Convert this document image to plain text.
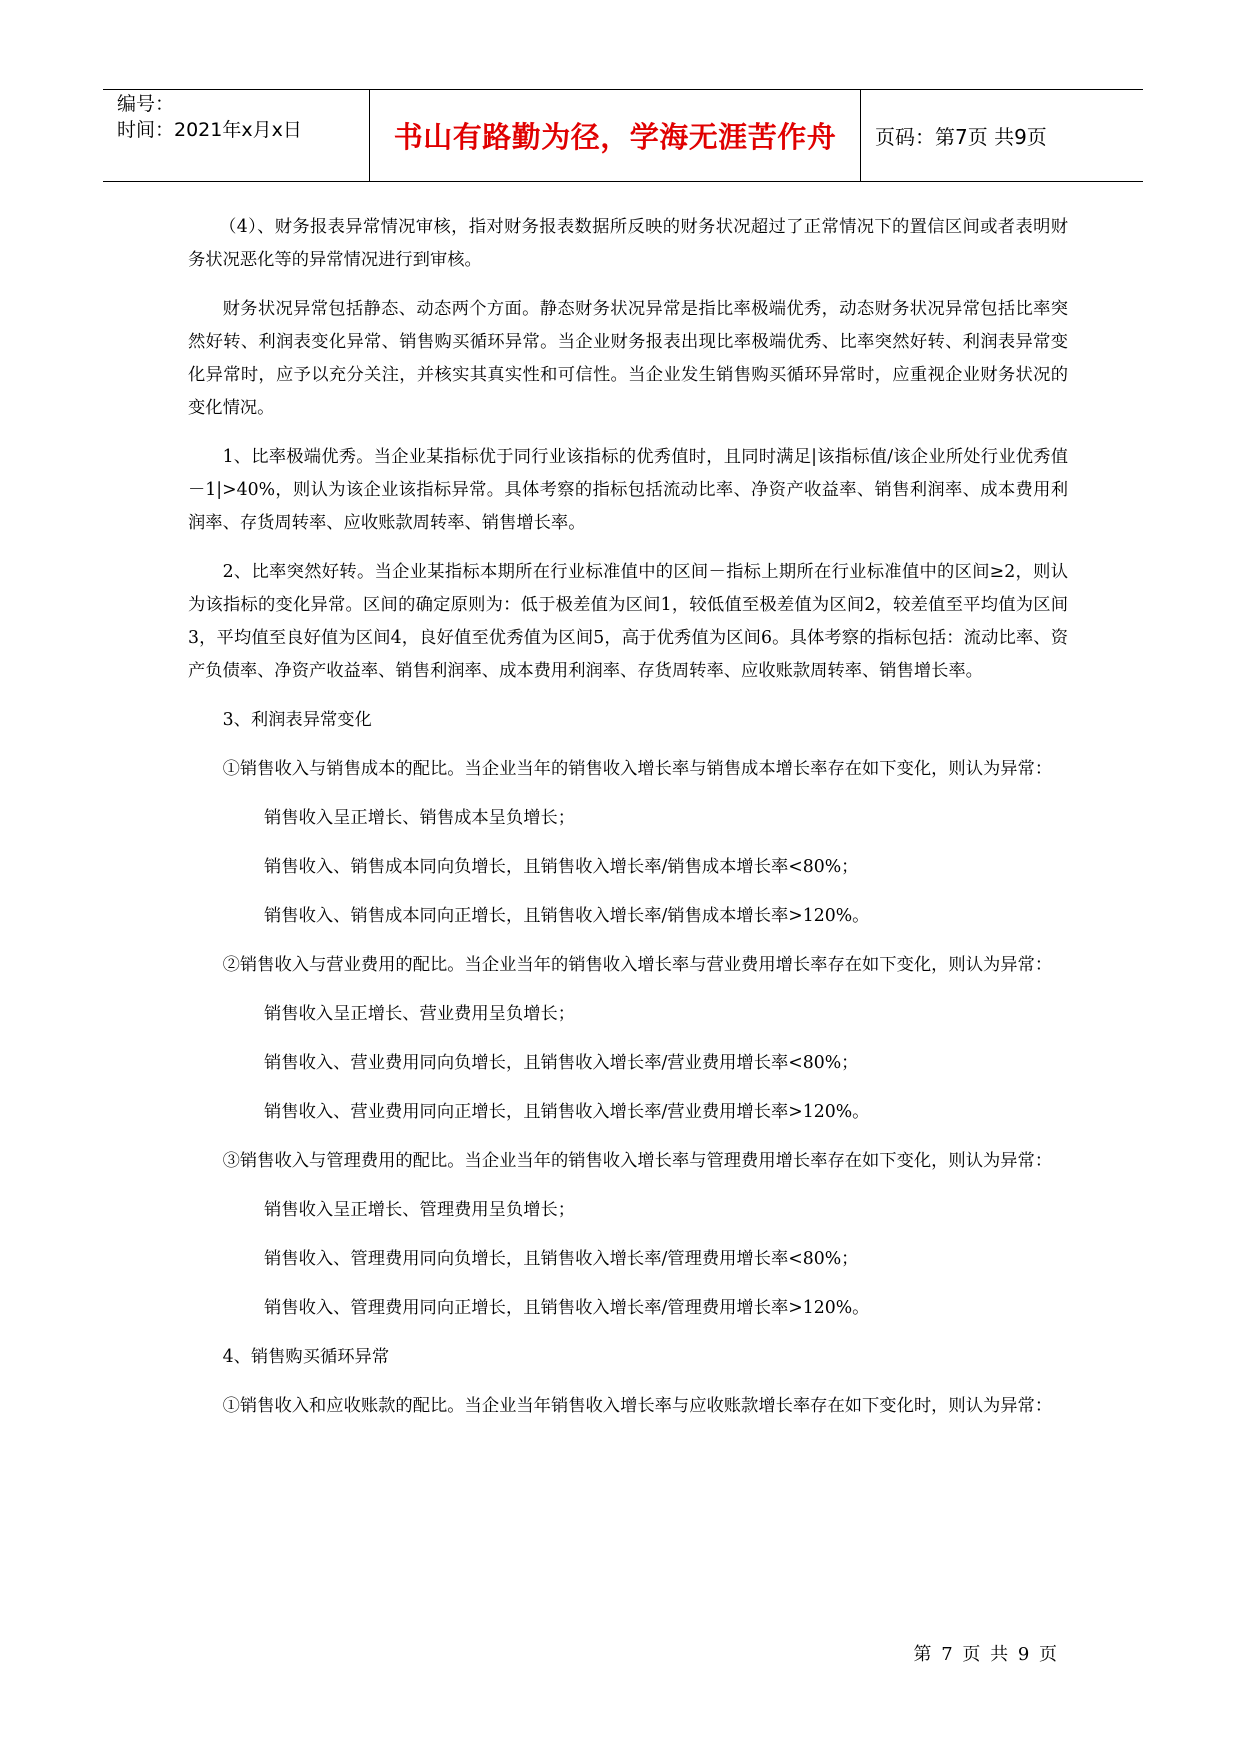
编号：
时间：2021年x月x日	书山有路勤为径，学海无涯苦作舟 页码：第7页 共9页

（4）、财务报表异常情况审核，指对财务报表数据所反映的财务状况超过了正常情况下的置信区间或者表明财务状况恶化等的异常情况进行到审核。

财务状况异常包括静态、动态两个方面。静态财务状况异常是指比率极端优秀，动态财务状况异常包括比率突然好转、利润表变化异常、销售购买循环异常。当企业财务报表出现比率极端优秀、比率突然好转、利润表异常变化异常时，应予以充分关注，并核实其真实性和可信性。当企业发生销售购买循环异常时，应重视企业财务状况的变化情况。

1、比率极端优秀。当企业某指标优于同行业该指标的优秀值时，且同时满足|该指标值/该企业所处行业优秀值－1|>40%，则认为该企业该指标异常。具体考察的指标包括流动比率、净资产收益率、销售利润率、成本费用利润率、存货周转率、应收账款周转率、销售增长率。

2、比率突然好转。当企业某指标本期所在行业标准值中的区间－指标上期所在行业标准值中的区间≥2，则认为该指标的变化异常。区间的确定原则为：低于极差值为区间1，较低值至极差值为区间2，较差值至平均值为区间3，平均值至良好值为区间4，良好值至优秀值为区间5，高于优秀值为区间6。具体考察的指标包括：流动比率、资产负债率、净资产收益率、销售利润率、成本费用利润率、存货周转率、应收账款周转率、销售增长率。

3、利润表异常变化

①销售收入与销售成本的配比。当企业当年的销售收入增长率与销售成本增长率存在如下变化，则认为异常：

销售收入呈正增长、销售成本呈负增长；

销售收入、销售成本同向负增长，且销售收入增长率/销售成本增长率<80%；

销售收入、销售成本同向正增长，且销售收入增长率/销售成本增长率>120%。

②销售收入与营业费用的配比。当企业当年的销售收入增长率与营业费用增长率存在如下变化，则认为异常：

销售收入呈正增长、营业费用呈负增长；

销售收入、营业费用同向负增长，且销售收入增长率/营业费用增长率<80%；

销售收入、营业费用同向正增长，且销售收入增长率/营业费用增长率>120%。

③销售收入与管理费用的配比。当企业当年的销售收入增长率与管理费用增长率存在如下变化，则认为异常：

销售收入呈正增长、管理费用呈负增长；

销售收入、管理费用同向负增长，且销售收入增长率/管理费用增长率<80%；

销售收入、管理费用同向正增长，且销售收入增长率/管理费用增长率>120%。

4、销售购买循环异常

①销售收入和应收账款的配比。当企业当年销售收入增长率与应收账款增长率存在如下变化时，则认为异常：

第 7 页 共 9 页
